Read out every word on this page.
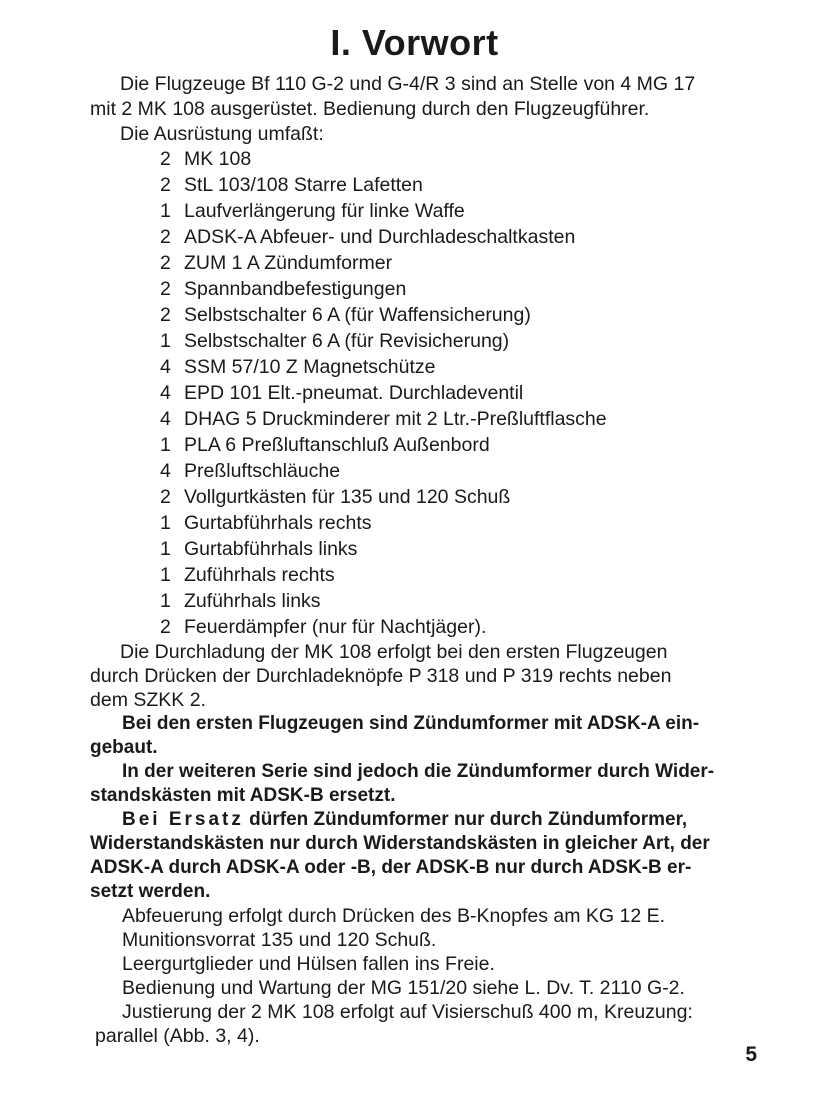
I. Vorwort
Die Flugzeuge Bf 110 G-2 und G-4/R 3 sind an Stelle von 4 MG 17
mit 2 MK 108 ausgerüstet. Bedienung durch den Flugzeugführer.
Die Ausrüstung umfaßt:
2 MK 108
2 StL 103/108 Starre Lafetten
1 Laufverlängerung für linke Waffe
2 ADSK-A Abfeuer- und Durchladeschaltkasten
2 ZUM 1 A Zündumformer
2 Spannbandbefestigungen
2 Selbstschalter 6 A (für Waffensicherung)
1 Selbstschalter 6 A (für Revisicherung)
4 SSM 57/10 Z Magnetschütze
4 EPD 101 Elt.-pneumat. Durchladeventil
4 DHAG 5 Druckminderer mit 2 Ltr.-Preßluftflasche
1 PLA 6 Preßluftanschluß Außenbord
4 Preßluftschläuche
2 Vollgurtkästen für 135 und 120 Schuß
1 Gurtabführhals rechts
1 Gurtabführhals links
1 Zuführhals rechts
1 Zuführhals links
2 Feuerdämpfer (nur für Nachtjäger).
Die Durchladung der MK 108 erfolgt bei den ersten Flugzeugen
durch Drücken der Durchladeknöpfe P 318 und P 319 rechts neben
dem SZKK 2.
Bei den ersten Flugzeugen sind Zündumformer mit ADSK-A ein-
gebaut.
In der weiteren Serie sind jedoch die Zündumformer durch Wider-
standskästen mit ADSK-B ersetzt.
Bei Ersatz dürfen Zündumformer nur durch Zündumformer,
Widerstandskästen nur durch Widerstandskästen in gleicher Art, der
ADSK-A durch ADSK-A oder -B, der ADSK-B nur durch ADSK-B er-
setzt werden.
Abfeuerung erfolgt durch Drücken des B-Knopfes am KG 12 E.
Munitionsvorrat 135 und 120 Schuß.
Leergurtglieder und Hülsen fallen ins Freie.
Bedienung und Wartung der MG 151/20 siehe L. Dv. T. 2110 G-2.
Justierung der 2 MK 108 erfolgt auf Visierschuß 400 m, Kreuzung:
parallel (Abb. 3, 4).
5
